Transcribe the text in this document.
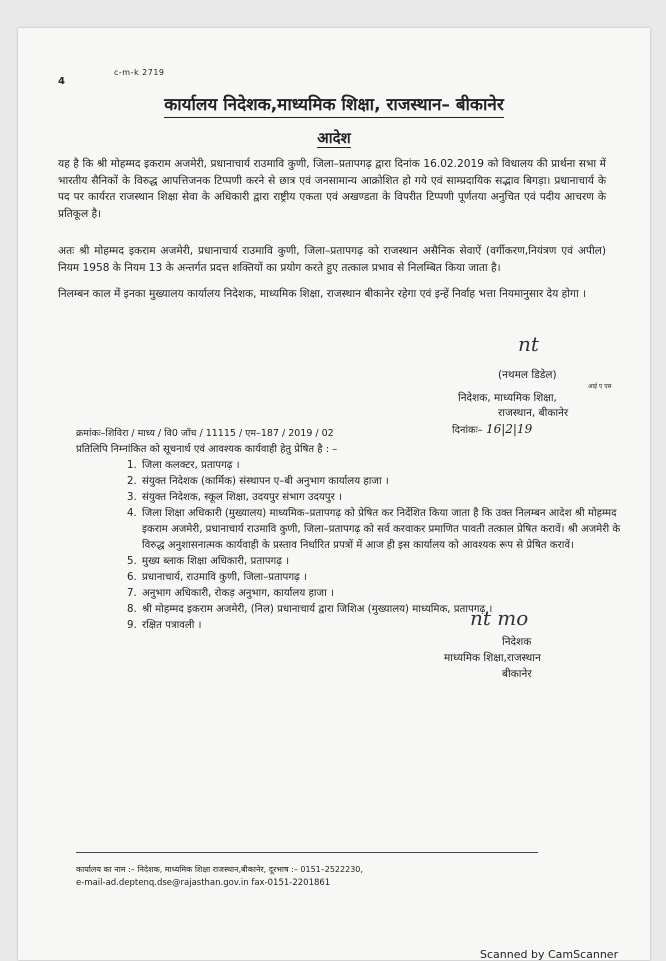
c-m-k 2719
4
कार्यालय निदेशक,माध्यमिक शिक्षा, राजस्थान– बीकानेर
आदेश
यह है कि श्री मोहम्मद इकराम अजमेरी, प्रधानाचार्य राउमावि कुणी, जिला–प्रतापगढ़ द्वारा दिनांक 16.02.2019 को विधालय की प्रार्थना सभा में भारतीय सैनिकों के विरुद्ध आपत्तिजनक टिप्पणी करने से छात्र एवं जनसामान्य आक्रोशित हो गये एवं साम्प्रदायिक सद्भाव बिगड़ा। प्रधानाचार्य के पद पर कार्यरत राजस्थान शिक्षा सेवा के अधिकारी द्वारा राष्ट्रीय एकता एवं अखण्डता के विपरीत टिप्पणी पूर्णतया अनुचित एवं पदीय आचरण के प्रतिकूल है।
अतः श्री मोहम्मद इकराम अजमेरी, प्रधानाचार्य राउमावि कुणी, जिला–प्रतापगढ़ को राजस्थान असैनिक सेवाऐं (वर्गीकरण,नियंत्रण एवं अपील) नियम 1958 के नियम 13 के अन्तर्गत प्रदत्त शक्तियों का प्रयोग करते हुए तत्काल प्रभाव से निलम्बित किया जाता है।
निलम्बन काल में इनका मुख्यालय कार्यालय निदेशक, माध्यमिक शिक्षा, राजस्थान बीकानेर रहेगा एवं इन्हें निर्वाह भत्ता नियमानुसार देय होगा ।
nt
(नथमल डिडेल)
आई ए एस
निदेशक, माध्यमिक शिक्षा,
राजस्थान, बीकानेर
क्रमांकः–शिविरा / माध्य / वि0 जॉच / 11115 / एम–187 / 2019 / 02	दिनांकः– 16|2|19
प्रतिलिपि निम्नांकित को सूचनार्थ एवं आवश्यक कार्यवाही हेतु प्रेषित है : –
1. जिला कलक्टर, प्रतापगढ़ ।
2. संयुक्त निदेशक (कार्मिक) संस्थापन ए–बी अनुभाग कार्यालय हाजा ।
3. संयुक्त निदेशक, स्कूल शिक्षा, उदयपुर संभाग उदयपुर ।
4. जिला शिक्षा अधिकारी (मुख्यालय) माध्यमिक–प्रतापगढ़ को प्रेषित कर निर्देशित किया जाता है कि उक्त निलम्बन आदेश श्री मोहम्मद इकराम अजमेरी, प्रधानाचार्य राउमावि कुणी, जिला–प्रतापगढ़ को सर्व करवाकर प्रमाणित पावती तत्काल प्रेषित करावें। श्री अजमेरी के विरुद्ध अनुशासनात्मक कार्यवाही के प्रस्ताव निर्धारित प्रपत्रों में आज ही इस कार्यालय को आवश्यक रूप से प्रेषित करावें।
5. मुख्य ब्लाक शिक्षा अधिकारी, प्रतापगढ़ ।
6. प्रधानाचार्य, राउमावि कुणी, जिला–प्रतापगढ़ ।
7. अनुभाग अधिकारी, रोकड़ अनुभाग, कार्यालय हाजा ।
8. श्री मोहम्मद इकराम अजमेरी, (निल) प्रधानाचार्य द्वारा जिशिअ (मुख्यालय) माध्यमिक, प्रतापगढ़ ।
9. रक्षित पत्रावली ।	nt mo
निदेशक
माध्यमिक शिक्षा,राजस्थान
बीकानेर
कार्यालय का नाम :– निदेशक, माध्यमिक शिक्षा राजस्थान,बीकानेर, दूरभाष :– 0151–2522230,
e-mail-ad.deptenq.dse@rajasthan.gov.in fax-0151-2201861
Scanned by CamScanner
